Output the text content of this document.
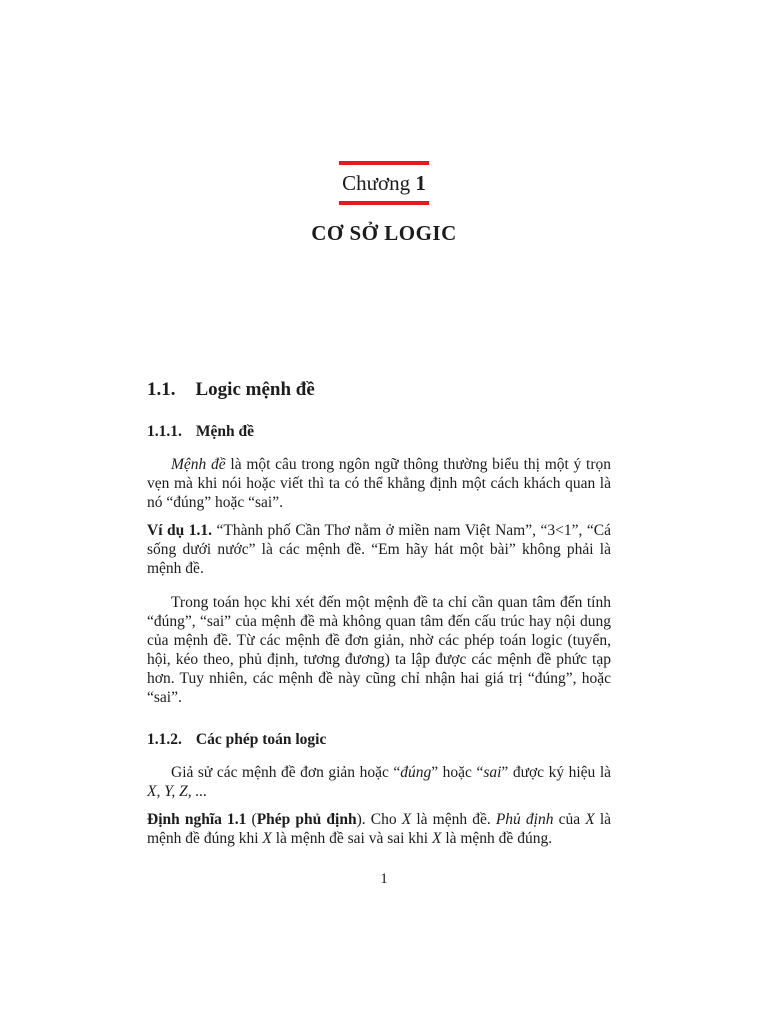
Chương 1
CƠ SỞ LOGIC
1.1. Logic mệnh đề
1.1.1. Mệnh đề

Mệnh đề là một câu trong ngôn ngữ thông thường biểu thị một ý trọn vẹn mà khi nói hoặc viết thì ta có thể khẳng định một cách khách quan là nó “đúng” hoặc “sai”.

Ví dụ 1.1. “Thành phố Cần Thơ nằm ở miền nam Việt Nam”, “3<1”, “Cá sống dưới nước” là các mệnh đề. “Em hãy hát một bài” không phải là mệnh đề.

Trong toán học khi xét đến một mệnh đề ta chỉ cần quan tâm đến tính “đúng”, “sai” của mệnh đề mà không quan tâm đến cấu trúc hay nội dung của mệnh đề. Từ các mệnh đề đơn giản, nhờ các phép toán logic (tuyển, hội, kéo theo, phủ định, tương đương) ta lập được các mệnh đề phức tạp hơn. Tuy nhiên, các mệnh đề này cũng chỉ nhận hai giá trị “đúng”, hoặc “sai”.

1.1.2. Các phép toán logic

Giả sử các mệnh đề đơn giản hoặc “đúng” hoặc “sai” được ký hiệu là X, Y, Z, ...

Định nghĩa 1.1 (Phép phủ định). Cho X là mệnh đề. Phủ định của X là mệnh đề đúng khi X là mệnh đề sai và sai khi X là mệnh đề đúng.

1
